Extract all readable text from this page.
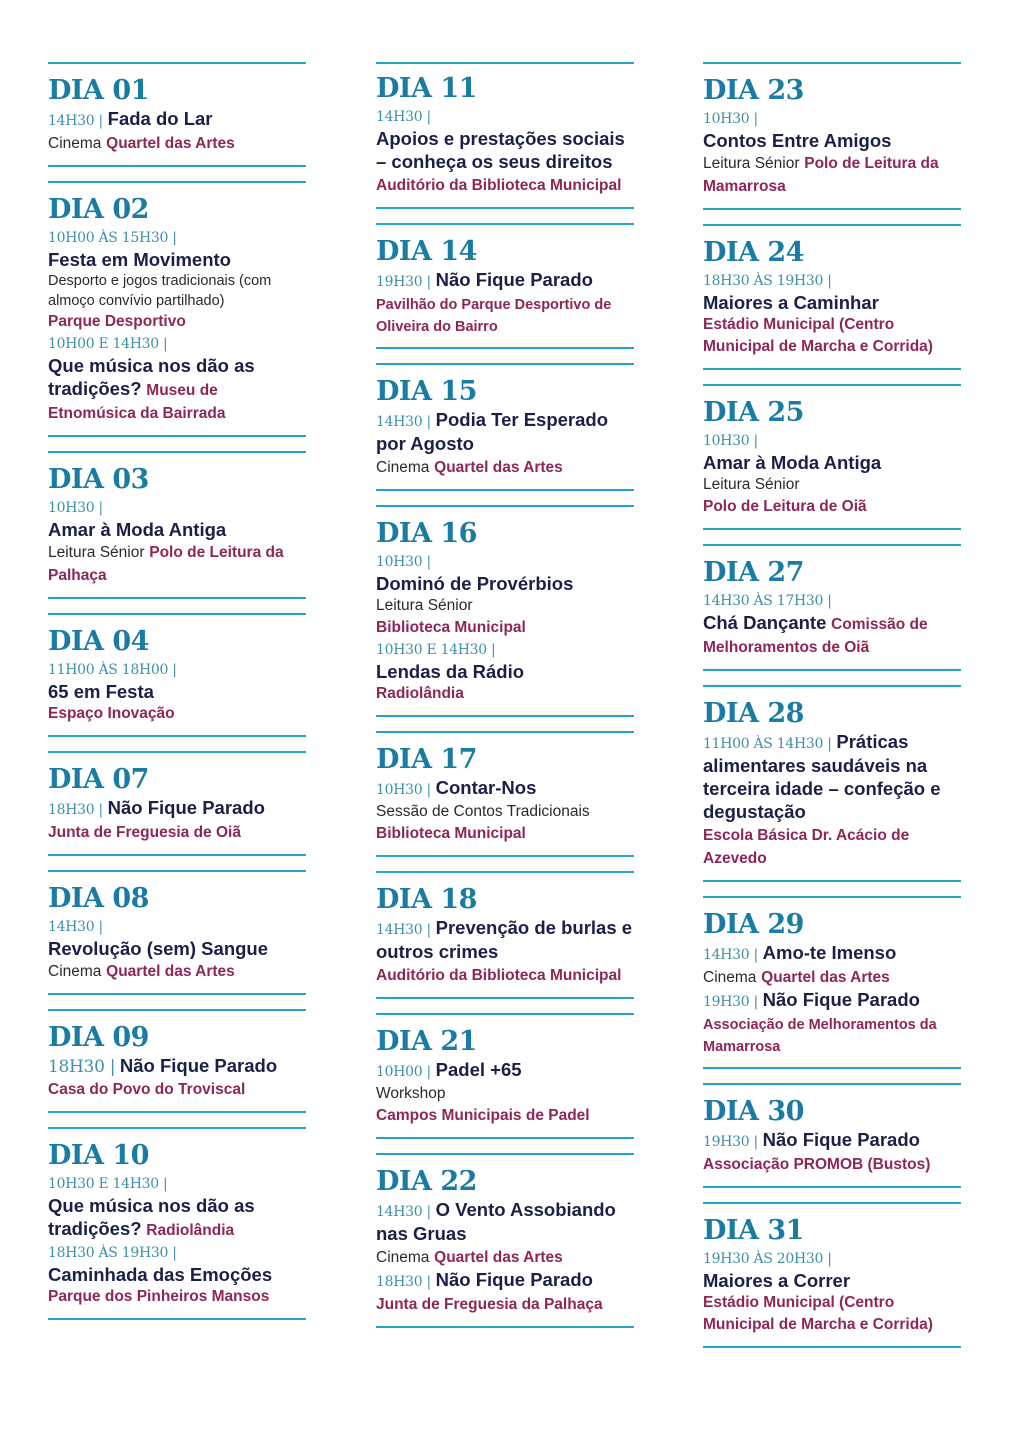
DIA 01
14H30 | Fada do Lar
Cinema Quartel das Artes
DIA 02
10H00 ÀS 15H30 |
Festa em Movimento
Desporto e jogos tradicionais (com almoço convívio partilhado)
Parque Desportivo
10H00 E 14H30 |
Que música nos dão as tradições? Museu de Etnomúsica da Bairrada
DIA 03
10H30 |
Amar à Moda Antiga
Leitura Sénior Polo de Leitura da Palhaça
DIA 04
11H00 ÀS 18H00 |
65 em Festa
Espaço Inovação
DIA 07
18H30 | Não Fique Parado
Junta de Freguesia de Oiã
DIA 08
14H30 |
Revolução (sem) Sangue
Cinema Quartel das Artes
DIA 09
18H30 | Não Fique Parado
Casa do Povo do Troviscal
DIA 10
10H30 E 14H30 |
Que música nos dão as tradições? Radiolândia
18H30 ÀS 19H30 |
Caminhada das Emoções
Parque dos Pinheiros Mansos
DIA 11
14H30 |
Apoios e prestações sociais – conheça os seus direitos Auditório da Biblioteca Municipal
DIA 14
19H30 | Não Fique Parado
Pavilhão do Parque Desportivo de Oliveira do Bairro
DIA 15
14H30 | Podia Ter Esperado por Agosto
Cinema Quartel das Artes
DIA 16
10H30 |
Dominó de Provérbios
Leitura Sénior
Biblioteca Municipal
10H30 E 14H30 |
Lendas da Rádio
Radiolândia
DIA 17
10H30 | Contar-Nos

Sessão de Contos Tradicionais
Biblioteca Municipal
DIA 18
14H30 | Prevenção de burlas e outros crimes
Auditório da Biblioteca Municipal
DIA 21
10H00 | Padel +65

Workshop
Campos Municipais de Padel
DIA 22
14H30 | O Vento Assobiando nas Gruas
Cinema Quartel das Artes
18H30 | Não Fique Parado
Junta de Freguesia da Palhaça
DIA 23
10H30 |
Contos Entre Amigos
Leitura Sénior Polo de Leitura da Mamarrosa
DIA 24
18H30 ÀS 19H30 |
Maiores a Caminhar
Estádio Municipal (Centro Municipal de Marcha e Corrida)
DIA 25
10H30 |
Amar à Moda Antiga
Leitura Sénior
Polo de Leitura de Oiã
DIA 27
14H30 ÀS 17H30 |
Chá Dançante Comissão de Melhoramentos de Oiã
DIA 28
11H00 ÀS 14H30 | Práticas alimentares saudáveis na terceira idade – confeção e degustação
Escola Básica Dr. Acácio de Azevedo
DIA 29
14H30 | Amo-te Imenso
Cinema Quartel das Artes
19H30 | Não Fique Parado
Associação de Melhoramentos da Mamarrosa
DIA 30
19H30 | Não Fique Parado
Associação PROMOB (Bustos)
DIA 31
19H30 ÀS 20H30 |
Maiores a Correr
Estádio Municipal (Centro Municipal de Marcha e Corrida)
